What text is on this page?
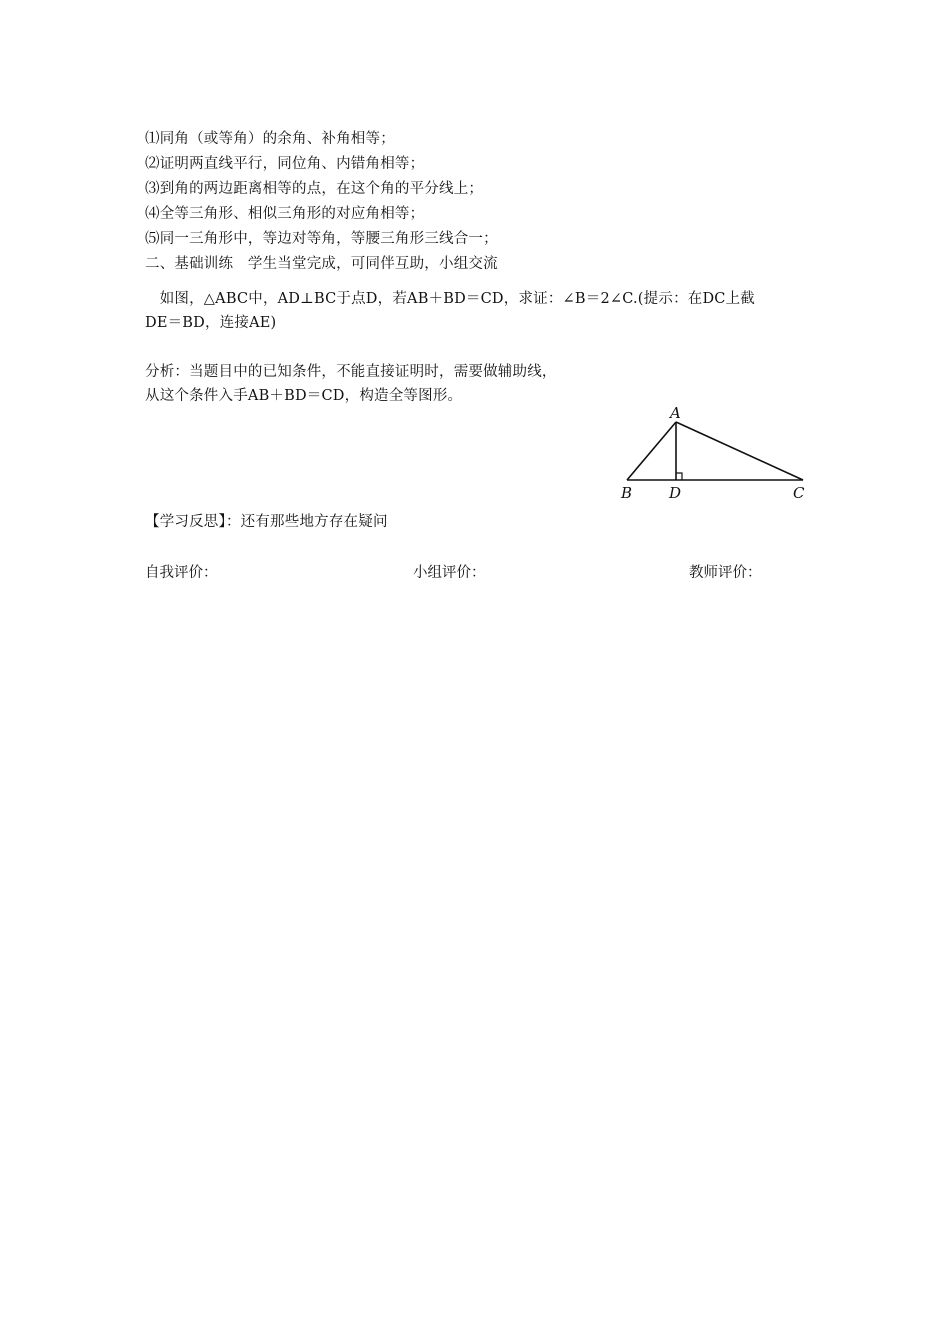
⑴同角（或等角）的余角、补角相等；
⑵证明两直线平行，同位角、内错角相等；
⑶到角的两边距离相等的点，在这个角的平分线上；
⑷全等三角形、相似三角形的对应角相等；
⑸同一三角形中，等边对等角，等腰三角形三线合一；
二、基础训练　学生当堂完成，可同伴互助，小组交流
　如图，△ABC中，AD⊥BC于点D，若AB＋BD＝CD，求证：∠B＝2∠C.(提示：在DC上截
DE＝BD，连接AE)
分析：当题目中的已知条件，不能直接证明时，需要做辅助线，
从这个条件入手AB＋BD＝CD，构造全等图形。
A
B D	C
【学习反思】：还有那些地方存在疑问
自我评价：	小组评价：	教师评价：
